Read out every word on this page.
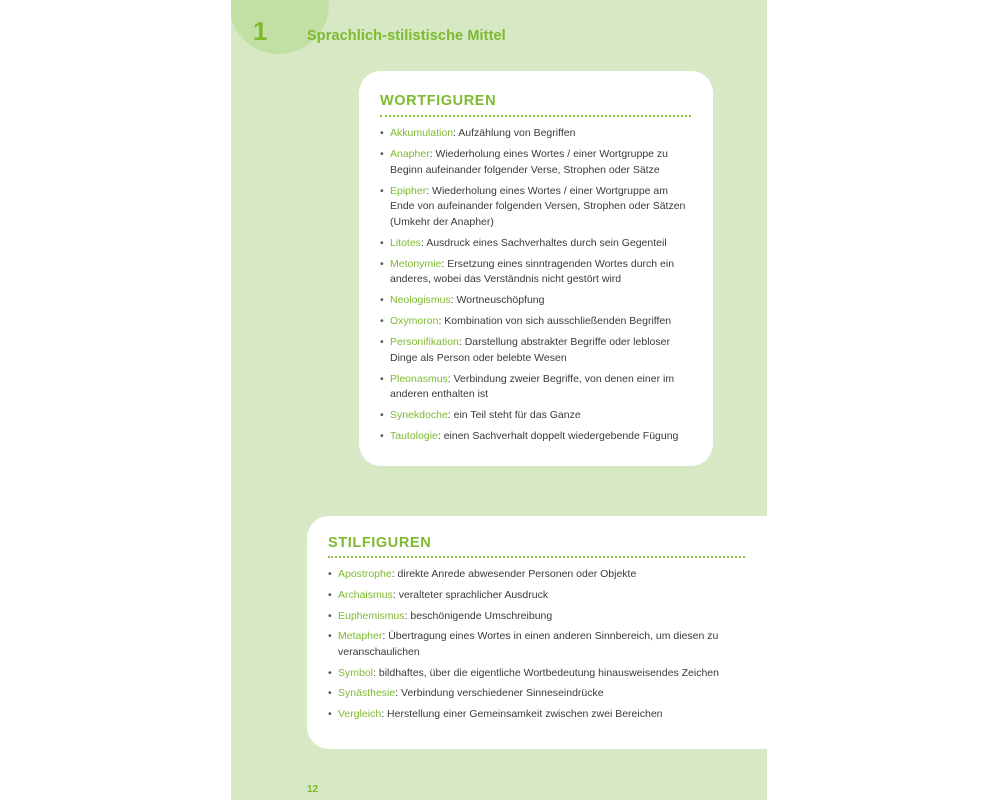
1	Sprachlich-stilistische Mittel
WORTFIGUREN
• Akkumulation: Aufzählung von Begriffen
• Anapher: Wiederholung eines Wortes / einer Wortgruppe zu Beginn aufeinander folgender Verse, Strophen oder Sätze
• Epipher: Wiederholung eines Wortes / einer Wortgruppe am Ende von aufeinander folgenden Versen, Strophen oder Sätzen (Umkehr der Anapher)
• Litotes: Ausdruck eines Sachverhaltes durch sein Gegenteil
• Metonymie: Ersetzung eines sinntragenden Wortes durch ein anderes, wobei das Verständnis nicht gestört wird
• Neologismus: Wortneuschöpfung
• Oxymoron: Kombination von sich ausschließenden Begriffen
• Personifikation: Darstellung abstrakter Begriffe oder lebloser Dinge als Person oder belebte Wesen
• Pleonasmus: Verbindung zweier Begriffe, von denen einer im anderen enthalten ist
• Synekdoche: ein Teil steht für das Ganze
• Tautologie: einen Sachverhalt doppelt wiedergebende Fügung
STILFIGUREN
• Apostrophe: direkte Anrede abwesender Personen oder Objekte
• Archaismus: veralteter sprachlicher Ausdruck
• Euphemismus: beschönigende Umschreibung
• Metapher: Übertragung eines Wortes in einen anderen Sinnbereich, um diesen zu veranschaulichen
• Symbol: bildhaftes, über die eigentliche Wortbedeutung hinausweisendes Zeichen
• Synästhesie: Verbindung verschiedener Sinneseindrücke
• Vergleich: Herstellung einer Gemeinsamkeit zwischen zwei Bereichen
12
